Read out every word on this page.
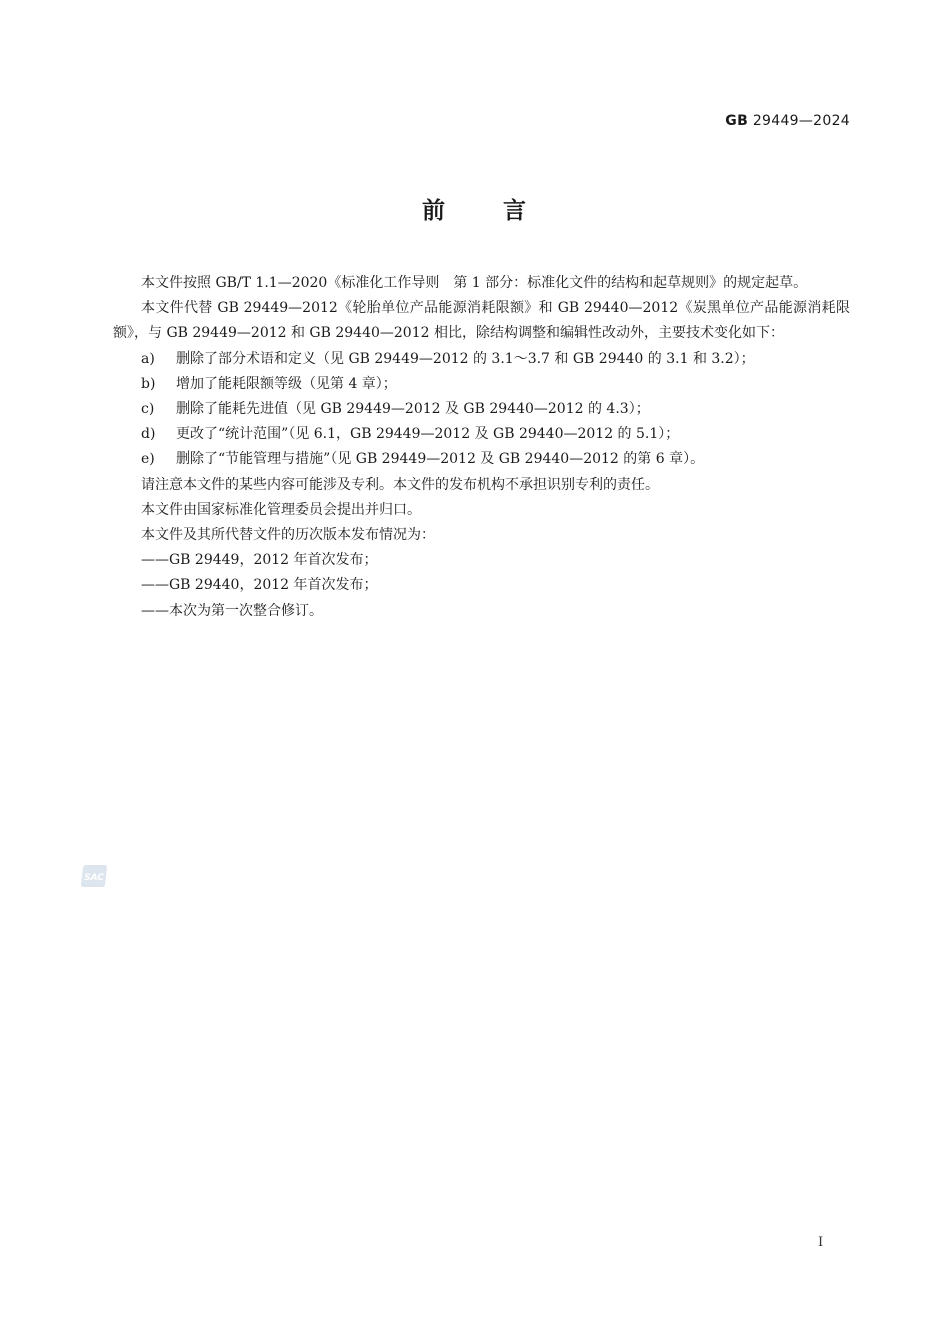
GB 29449—2024
前 言
本文件按照 GB/T 1.1—2020《标准化工作导则　第 1 部分：标准化文件的结构和起草规则》的规定起草。
本文件代替 GB 29449—2012《轮胎单位产品能源消耗限额》和 GB 29440—2012《炭黑单位产品能源消耗限额》，与 GB 29449—2012 和 GB 29440—2012 相比，除结构调整和编辑性改动外，主要技术变化如下：
a) 删除了部分术语和定义（见 GB 29449—2012 的 3.1～3.7 和 GB 29440 的 3.1 和 3.2）；
b) 增加了能耗限额等级（见第 4 章）；
c) 删除了能耗先进值（见 GB 29449—2012 及 GB 29440—2012 的 4.3）；
d) 更改了“统计范围”（见 6.1，GB 29449—2012 及 GB 29440—2012 的 5.1）；
e) 删除了“节能管理与措施”（见 GB 29449—2012 及 GB 29440—2012 的第 6 章）。
请注意本文件的某些内容可能涉及专利。本文件的发布机构不承担识别专利的责任。
本文件由国家标准化管理委员会提出并归口。
本文件及其所代替文件的历次版本发布情况为：
——GB 29449，2012 年首次发布；
——GB 29440，2012 年首次发布；
——本次为第一次整合修订。
SAC
I
